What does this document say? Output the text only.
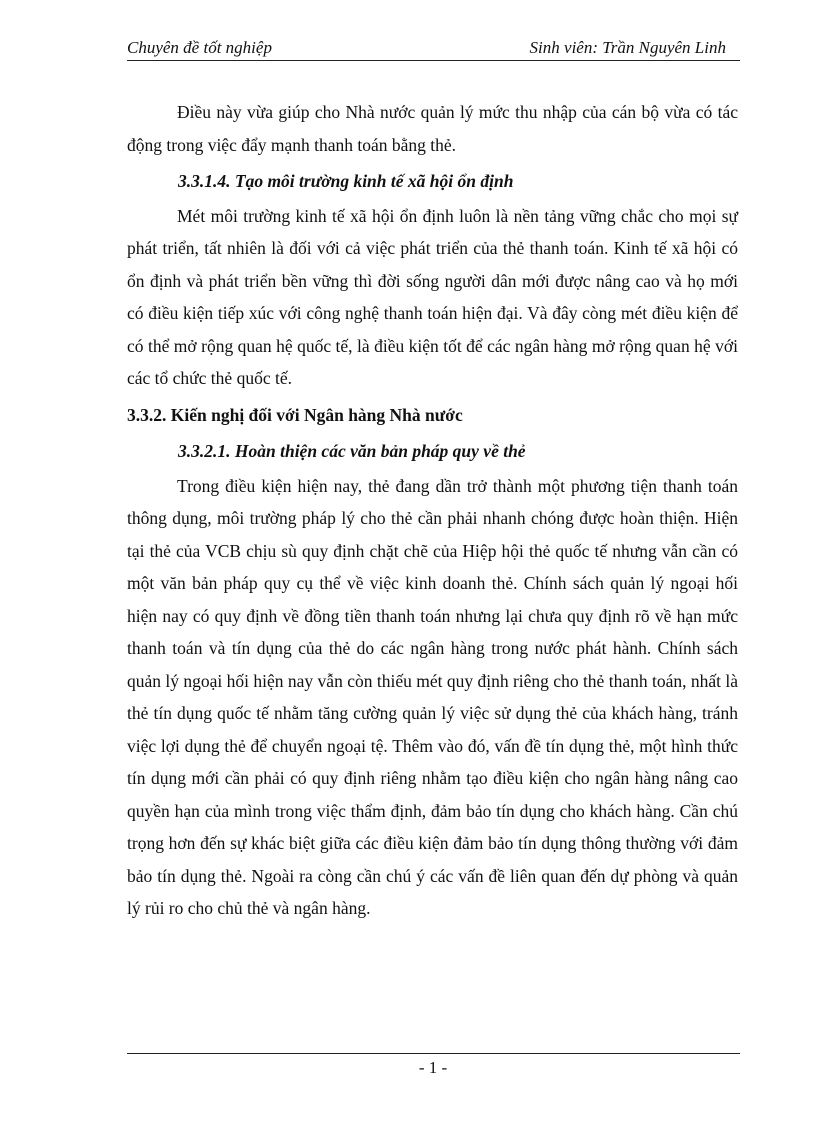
Chuyên đề tốt nghiệp	Sinh viên: Trần Nguyên Linh

Điều này vừa giúp cho Nhà nước quản lý mức thu nhập của cán bộ vừa có tác động trong việc đẩy mạnh thanh toán bằng thẻ.

3.3.1.4. Tạo môi trường kinh tế xã hội ổn định

Mét môi trường kinh tế xã hội ổn định luôn là nền tảng vững chắc cho mọi sự phát triển, tất nhiên là đối với cả việc phát triển của thẻ thanh toán. Kinh tế xã hội có ổn định và phát triển bền vững thì đời sống người dân mới được nâng cao và họ mới có điều kiện tiếp xúc với công nghệ thanh toán hiện đại. Và đây còng mét điều kiện để có thể mở rộng quan hệ quốc tế, là điều kiện tốt để các ngân hàng mở rộng quan hệ với các tổ chức thẻ quốc tế.

3.3.2. Kiến nghị đối với Ngân hàng Nhà nước
3.3.2.1. Hoàn thiện các văn bản pháp quy về thẻ

Trong điều kiện hiện nay, thẻ đang dần trở thành một phương tiện thanh toán thông dụng, môi trường pháp lý cho thẻ cần phải nhanh chóng được hoàn thiện. Hiện tại thẻ của VCB chịu sù quy định chặt chẽ của Hiệp hội thẻ quốc tế nhưng vẫn cần có một văn bản pháp quy cụ thể về việc kinh doanh thẻ. Chính sách quản lý ngoại hối hiện nay có quy định về đồng tiền thanh toán nhưng lại chưa quy định rõ về hạn mức thanh toán và tín dụng của thẻ do các ngân hàng trong nước phát hành. Chính sách quản lý ngoại hối hiện nay vẫn còn thiếu mét quy định riêng cho thẻ thanh toán, nhất là thẻ tín dụng quốc tế nhằm tăng cường quản lý việc sử dụng thẻ của khách hàng, tránh việc lợi dụng thẻ để chuyển ngoại tệ. Thêm vào đó, vấn đề tín dụng thẻ, một hình thức tín dụng mới cần phải có quy định riêng nhằm tạo điều kiện cho ngân hàng nâng cao quyền hạn của mình trong việc thẩm định, đảm bảo tín dụng cho khách hàng. Cần chú trọng hơn đến sự khác biệt giữa các điều kiện đảm bảo tín dụng thông thường với đảm bảo tín dụng thẻ. Ngoài ra còng cần chú ý các vấn đề liên quan đến dự phòng và quản lý rủi ro cho chủ thẻ và ngân hàng.

- 1 -
